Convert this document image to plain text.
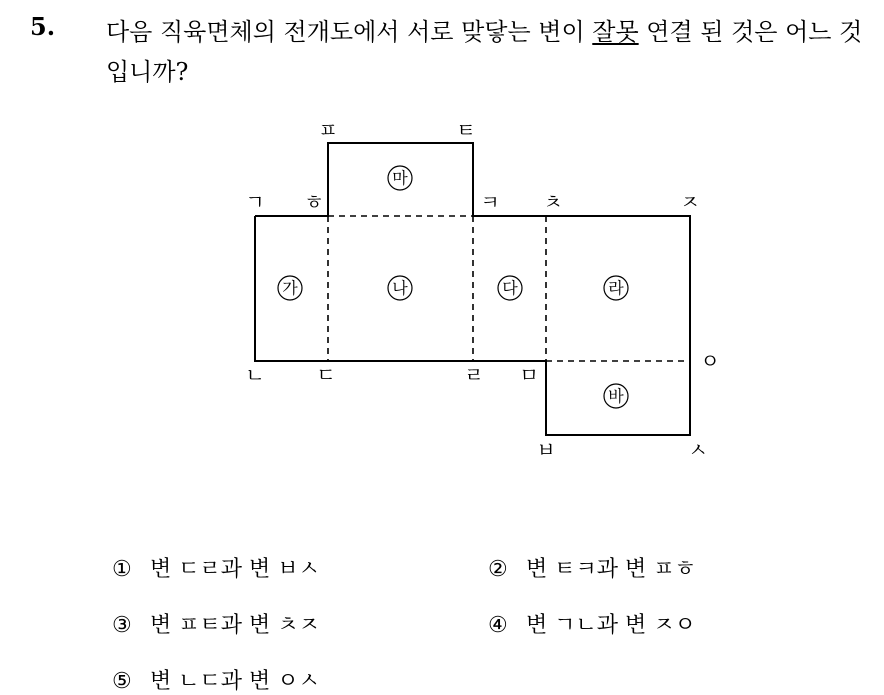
5. 다음 직육면체의 전개도에서 서로 맞닿는 변이 잘못 연결 된 것은 어느 것입니까?
가	나	다	라
마
바
ㅍ	ㅌ
ㄱ ㅎ	ㅋ ㅊ	ㅈ
ㄴ	ㄷ	ㄹ ㅁ
ㅇ
ㅂ	ㅅ
① 변 ㄷㄹ과 변 ㅂㅅ	② 변 ㅌㅋ과 변 ㅍㅎ
③ 변 ㅍㅌ과 변 ㅊㅈ	④ 변 ㄱㄴ과 변 ㅈㅇ
⑤ 변 ㄴㄷ과 변 ㅇㅅ
